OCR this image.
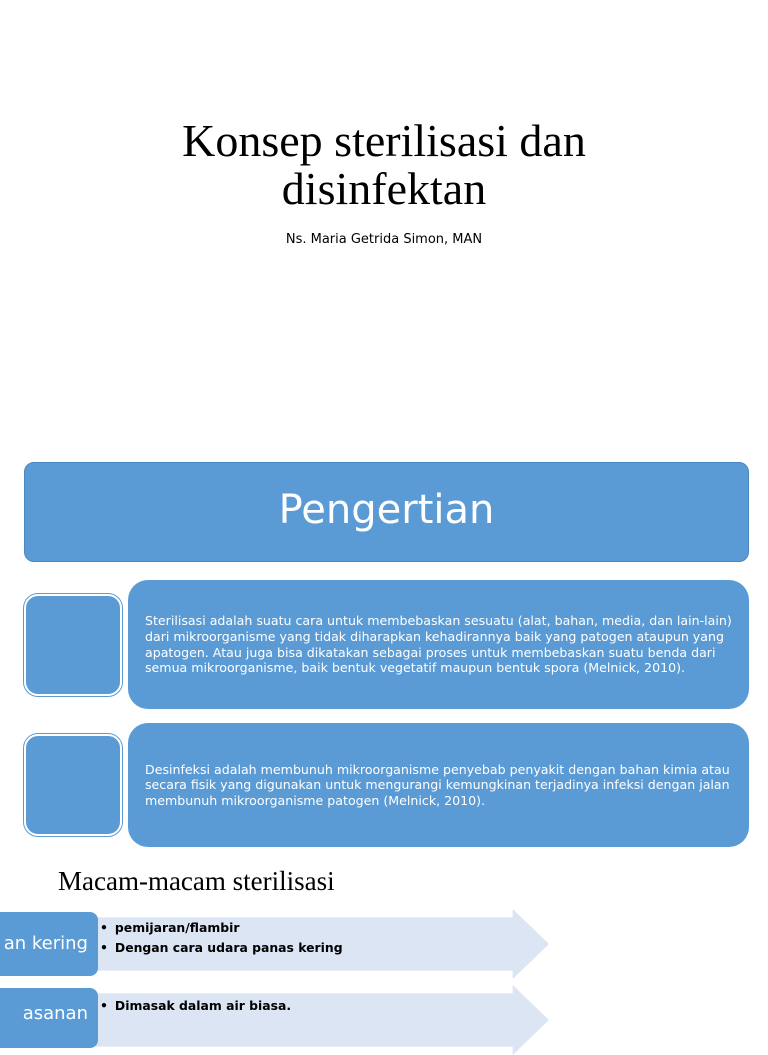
Konsep sterilisasi dan
disinfektan
Ns. Maria Getrida Simon, MAN
Pengertian
Sterilisasi adalah suatu cara untuk membebaskan sesuatu (alat, bahan, media, dan lain-lain) dari mikroorganisme yang tidak diharapkan kehadirannya baik yang patogen ataupun yang apatogen. Atau juga bisa dikatakan sebagai proses untuk membebaskan suatu benda dari semua mikroorganisme, baik bentuk vegetatif maupun bentuk spora (Melnick, 2010).
Desinfeksi adalah membunuh mikroorganisme penyebab penyakit dengan bahan kimia atau secara fisik yang digunakan untuk mengurangi kemungkinan terjadinya infeksi dengan jalan membunuh mikroorganisme patogen (Melnick, 2010).
Macam-macam sterilisasi
an kering
• pemijaran/flambir
• Dengan cara udara panas kering
asanan
•	Dimasak dalam air biasa.
